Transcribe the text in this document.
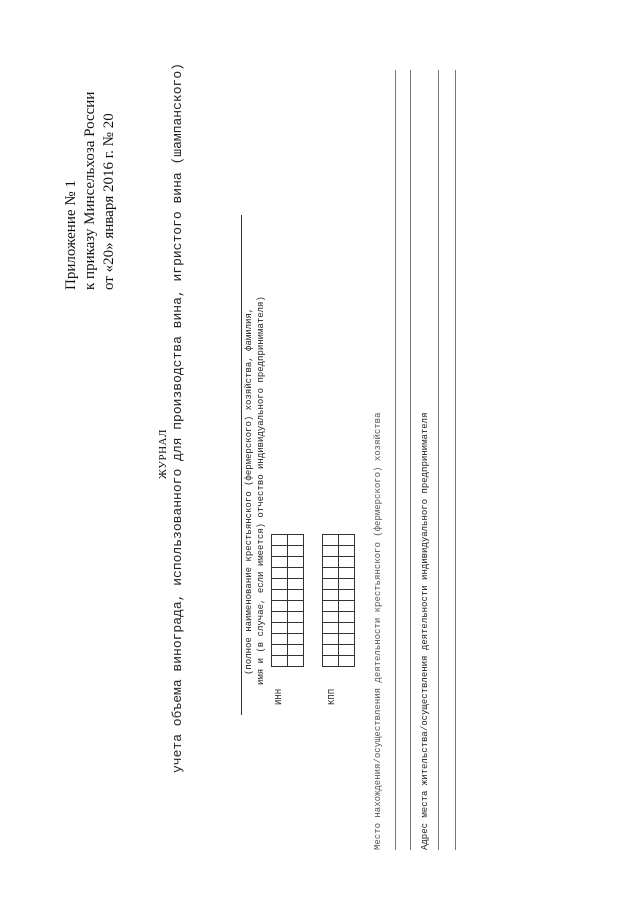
Приложение № 1 к приказу Минсельхоза России от «20» января 2016 г. № 20
ЖУРНАЛ учета объема винограда, использованного для производства вина, игристого вина (шампанского)	(полное наименование крестьянского (фермерского) хозяйства, фамилия, имя и (в случае, если имеется) отчество индивидуального предпринимателя)
ИНН	КПП	Место нахождения/осуществления деятельности крестьянского (фермерского) хозяйства	Адрес места жительства/осуществления деятельности индивидуального предпринимателя
